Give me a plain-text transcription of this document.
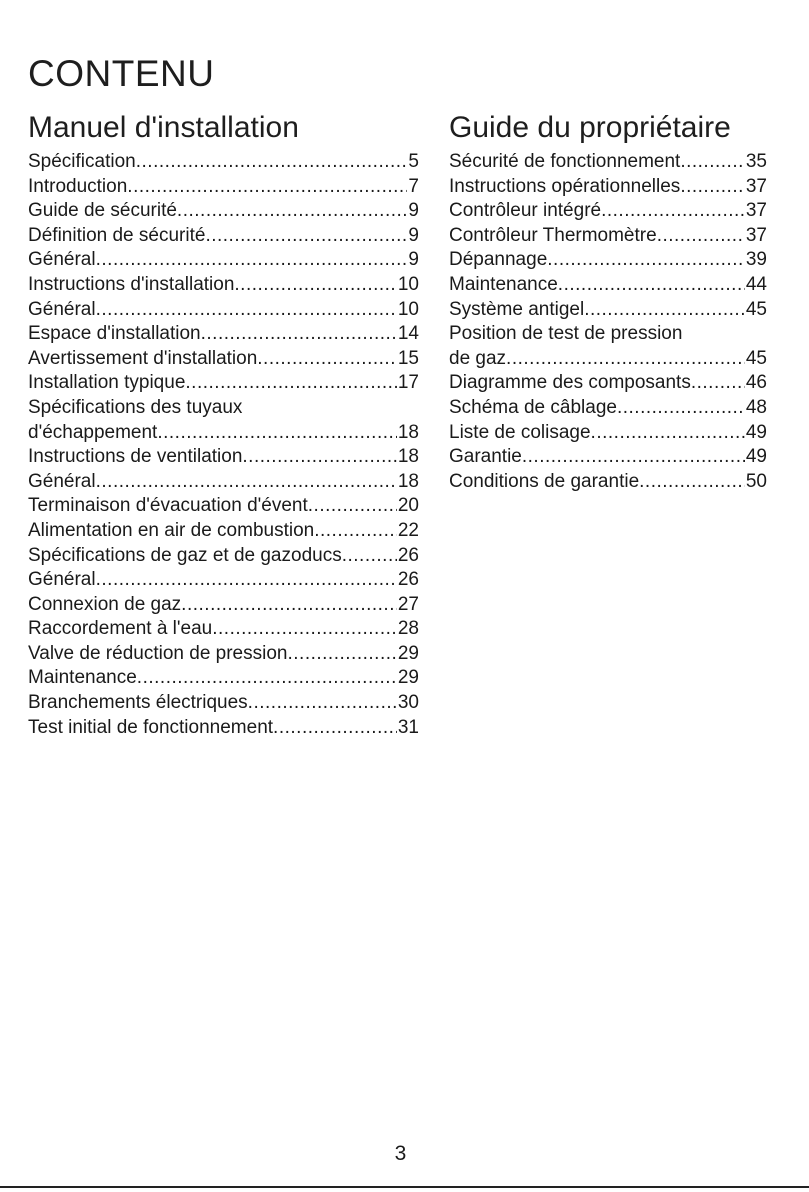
CONTENU
Manuel d'installation
Spécification .....	5
Introduction .....	7
Guide de sécurité .....	9
Définition de sécurité .....	9
Général .....	9
Instructions d'installation .....	10
Général .....	10
Espace d'installation .....	14
Avertissement d'installation .....	15
Installation typique .....	17
Spécifications des tuyaux
d'échappement .....	18
Instructions de ventilation .....	18
Général .....	18
Terminaison d'évacuation d'évent .....	20
Alimentation en air de combustion .....	22
Spécifications de gaz et de gazoducs .....	26
Général .....	26
Connexion de gaz .....	27
Raccordement à l'eau .....	28
Valve de réduction de pression .....	29
Maintenance .....	29
Branchements électriques .....	30
Test initial de fonctionnement .....	31
Guide du propriétaire
Sécurité de fonctionnement .....	35
Instructions opérationnelles .....	37
Contrôleur intégré .....	37
Contrôleur Thermomètre .....	37
Dépannage .....	39
Maintenance .....	44
Système antigel .....	45
Position de test de pression
de gaz .....	45
Diagramme des composants .....	46
Schéma de câblage .....	48
Liste de colisage .....	49
Garantie .....	49
Conditions de garantie .....	50
3
